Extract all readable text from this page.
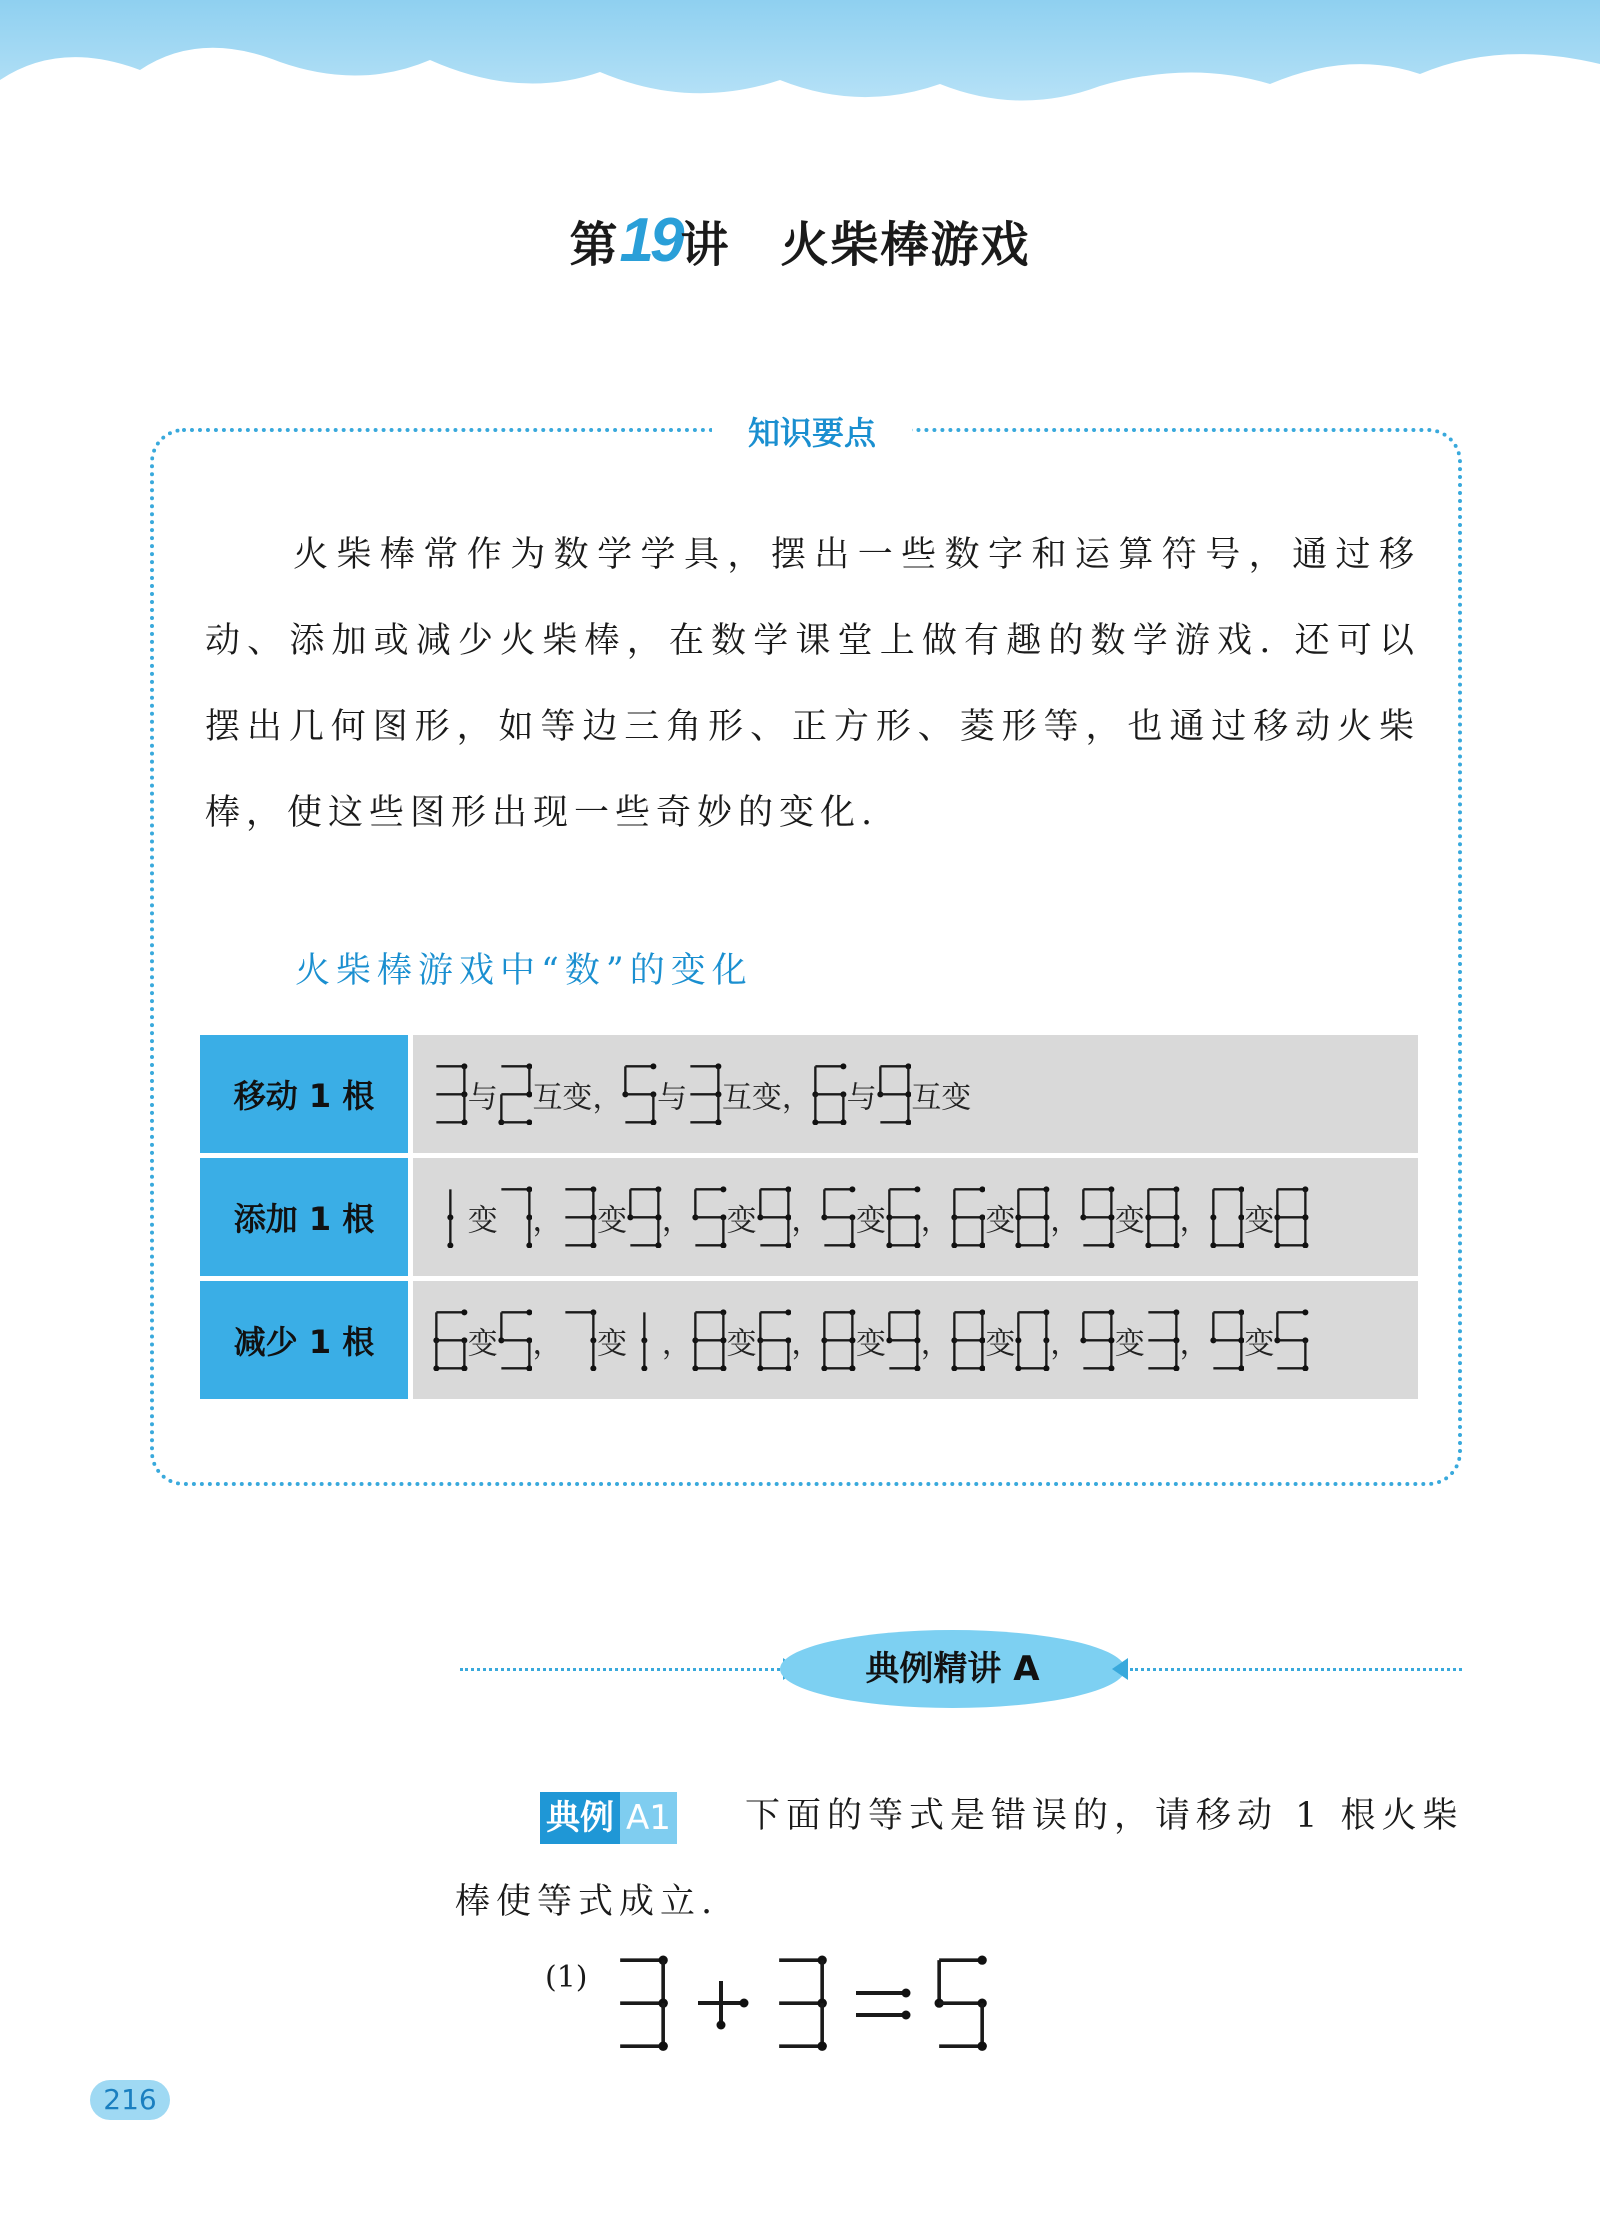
第19讲 火柴棒游戏
知识要点
火柴棒常作为数学学具，摆出一些数字和运算符号，通过移动、添加或减少火柴棒，在数学课堂上做有趣的数学游戏. 还可以摆出几何图形，如等边三角形、正方形、菱形等，也通过移动火柴棒，使这些图形出现一些奇妙的变化.
火柴棒游戏中“数”的变化
移动 1 根	与 互变， 与 互变， 与 互变
添加 1 根	变 ， 变 ， 变 ， 变 ， 变 ， 变 ， 变
减少 1 根	变 ， 变 ， 变 ， 变 ， 变 ， 变 ， 变
典例精讲 A
典例 A1 下面的等式是错误的，请移动 1 根火柴
棒使等式成立.
(1)
216
